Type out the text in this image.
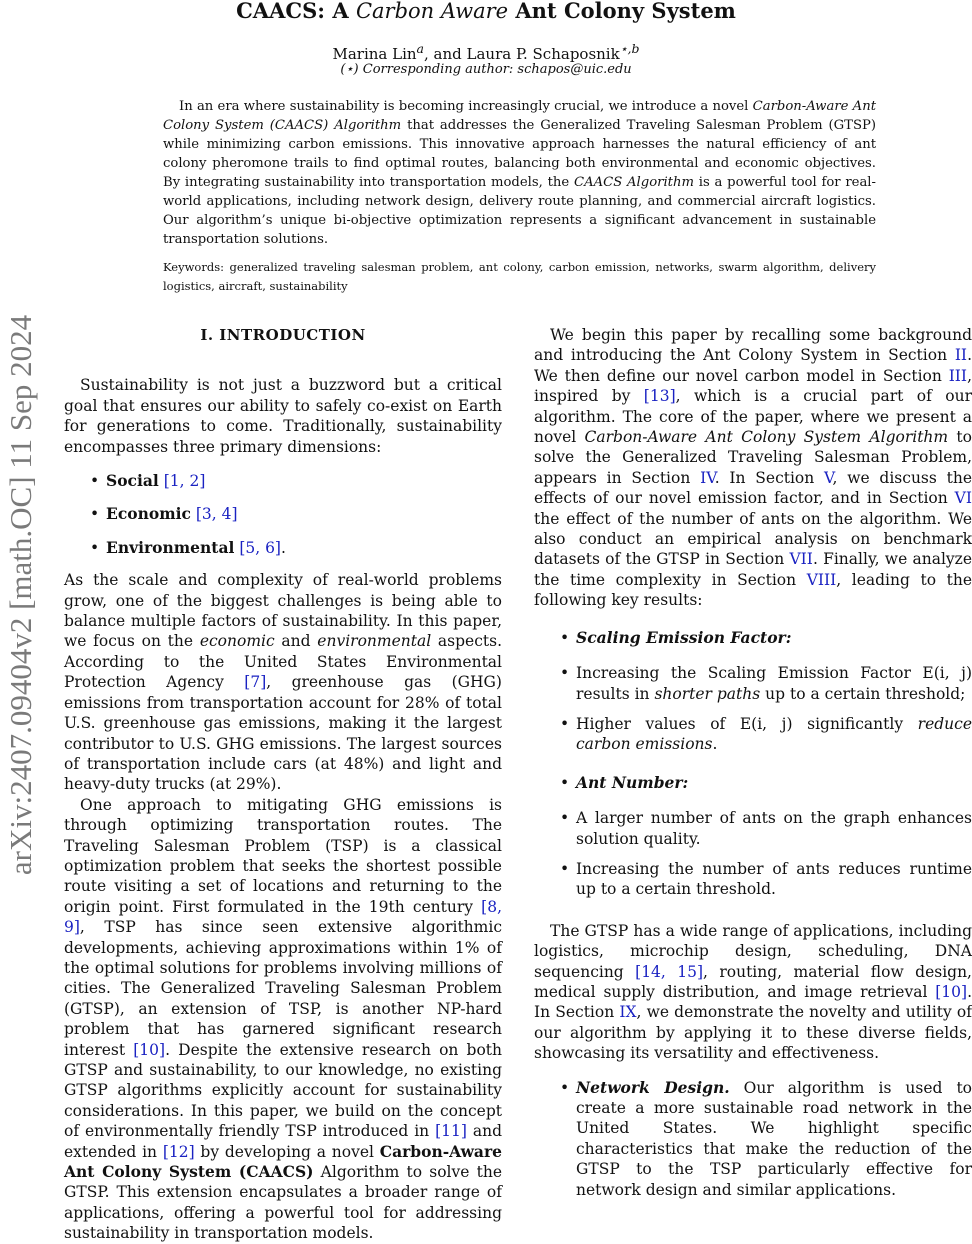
CAACS: A Carbon Aware Ant Colony System
Marina Lin$^a$, and Laura P. Schaposnik$^{⋆,b}$
(⋆) Corresponding author: schapos@uic.edu

In an era where sustainability is becoming increasingly crucial, we introduce a novel Carbon-Aware Ant Colony System (CAACS) Algorithm that addresses the Generalized Traveling Salesman Problem (GTSP) while minimizing carbon emissions. This innovative approach harnesses the natural efficiency of ant colony pheromone trails to find optimal routes, balancing both environmental and economic objectives. By integrating sustainability into transportation models, the CAACS Algorithm is a powerful tool for real-world applications, including network design, delivery route planning, and commercial aircraft logistics. Our algorithm’s unique bi-objective optimization represents a significant advancement in sustainable transportation solutions.

Keywords: generalized traveling salesman problem, ant colony, carbon emission, networks, swarm algorithm, delivery logistics, aircraft, sustainability

arXiv:2407.09404v2 [math.OC] 11 Sep 2024	I. INTRODUCTION

Sustainability is not just a buzzword but a critical goal that ensures our ability to safely co-exist on Earth for generations to come. Traditionally, sustainability encompasses three primary dimensions:

• Social [1, 2]
• Economic [3, 4]
• Environmental [5, 6].

As the scale and complexity of real-world problems grow, one of the biggest challenges is being able to balance multiple factors of sustainability. In this paper, we focus on the economic and environmental aspects. According to the United States Environmental Protection Agency [7], greenhouse gas (GHG) emissions from transportation account for 28% of total U.S. greenhouse gas emissions, making it the largest contributor to U.S. GHG emissions. The largest sources of transportation include cars (at 48%) and light and heavy-duty trucks (at 29%).

One approach to mitigating GHG emissions is through optimizing transportation routes. The Traveling Salesman Problem (TSP) is a classical optimization problem that seeks the shortest possible route visiting a set of locations and returning to the origin point. First formulated in the 19th century [8, 9], TSP has since seen extensive algorithmic developments, achieving approximations within 1% of the optimal solutions for problems involving millions of cities. The Generalized Traveling Salesman Problem (GTSP), an extension of TSP, is another NP-hard problem that has garnered significant research interest [10]. Despite the extensive research on both GTSP and sustainability, to our knowledge, no existing GTSP algorithms explicitly account for sustainability considerations. In this paper, we build on the concept of environmentally friendly TSP introduced in [11] and extended in [12] by developing a novel Carbon-Aware Ant Colony System (CAACS) Algorithm to solve the GTSP. This extension encapsulates a broader range of applications, offering a powerful tool for addressing sustainability in transportation models.

We begin this paper by recalling some background and introducing the Ant Colony System in Section II. We then define our novel carbon model in Section III, inspired by [13], which is a crucial part of our algorithm. The core of the paper, where we present a novel Carbon-Aware Ant Colony System Algorithm to solve the Generalized Traveling Salesman Problem, appears in Section IV. In Section V, we discuss the effects of our novel emission factor, and in Section VI the effect of the number of ants on the algorithm. We also conduct an empirical analysis on benchmark datasets of the GTSP in Section VII. Finally, we analyze the time complexity in Section VIII, leading to the following key results:

• Scaling Emission Factor:
• Increasing the Scaling Emission Factor E(i, j) results in shorter paths up to a certain threshold;
• Higher values of E(i, j) significantly reduce carbon emissions.
• Ant Number:
• A larger number of ants on the graph enhances solution quality.
• Increasing the number of ants reduces runtime up to a certain threshold.

The GTSP has a wide range of applications, including logistics, microchip design, scheduling, DNA sequencing [14, 15], routing, material flow design, medical supply distribution, and image retrieval [10]. In Section IX, we demonstrate the novelty and utility of our algorithm by applying it to these diverse fields, showcasing its versatility and effectiveness.

• Network Design. Our algorithm is used to create a more sustainable road network in the United States. We highlight specific characteristics that make the reduction of the GTSP to the TSP particularly effective for network design and similar applications.
